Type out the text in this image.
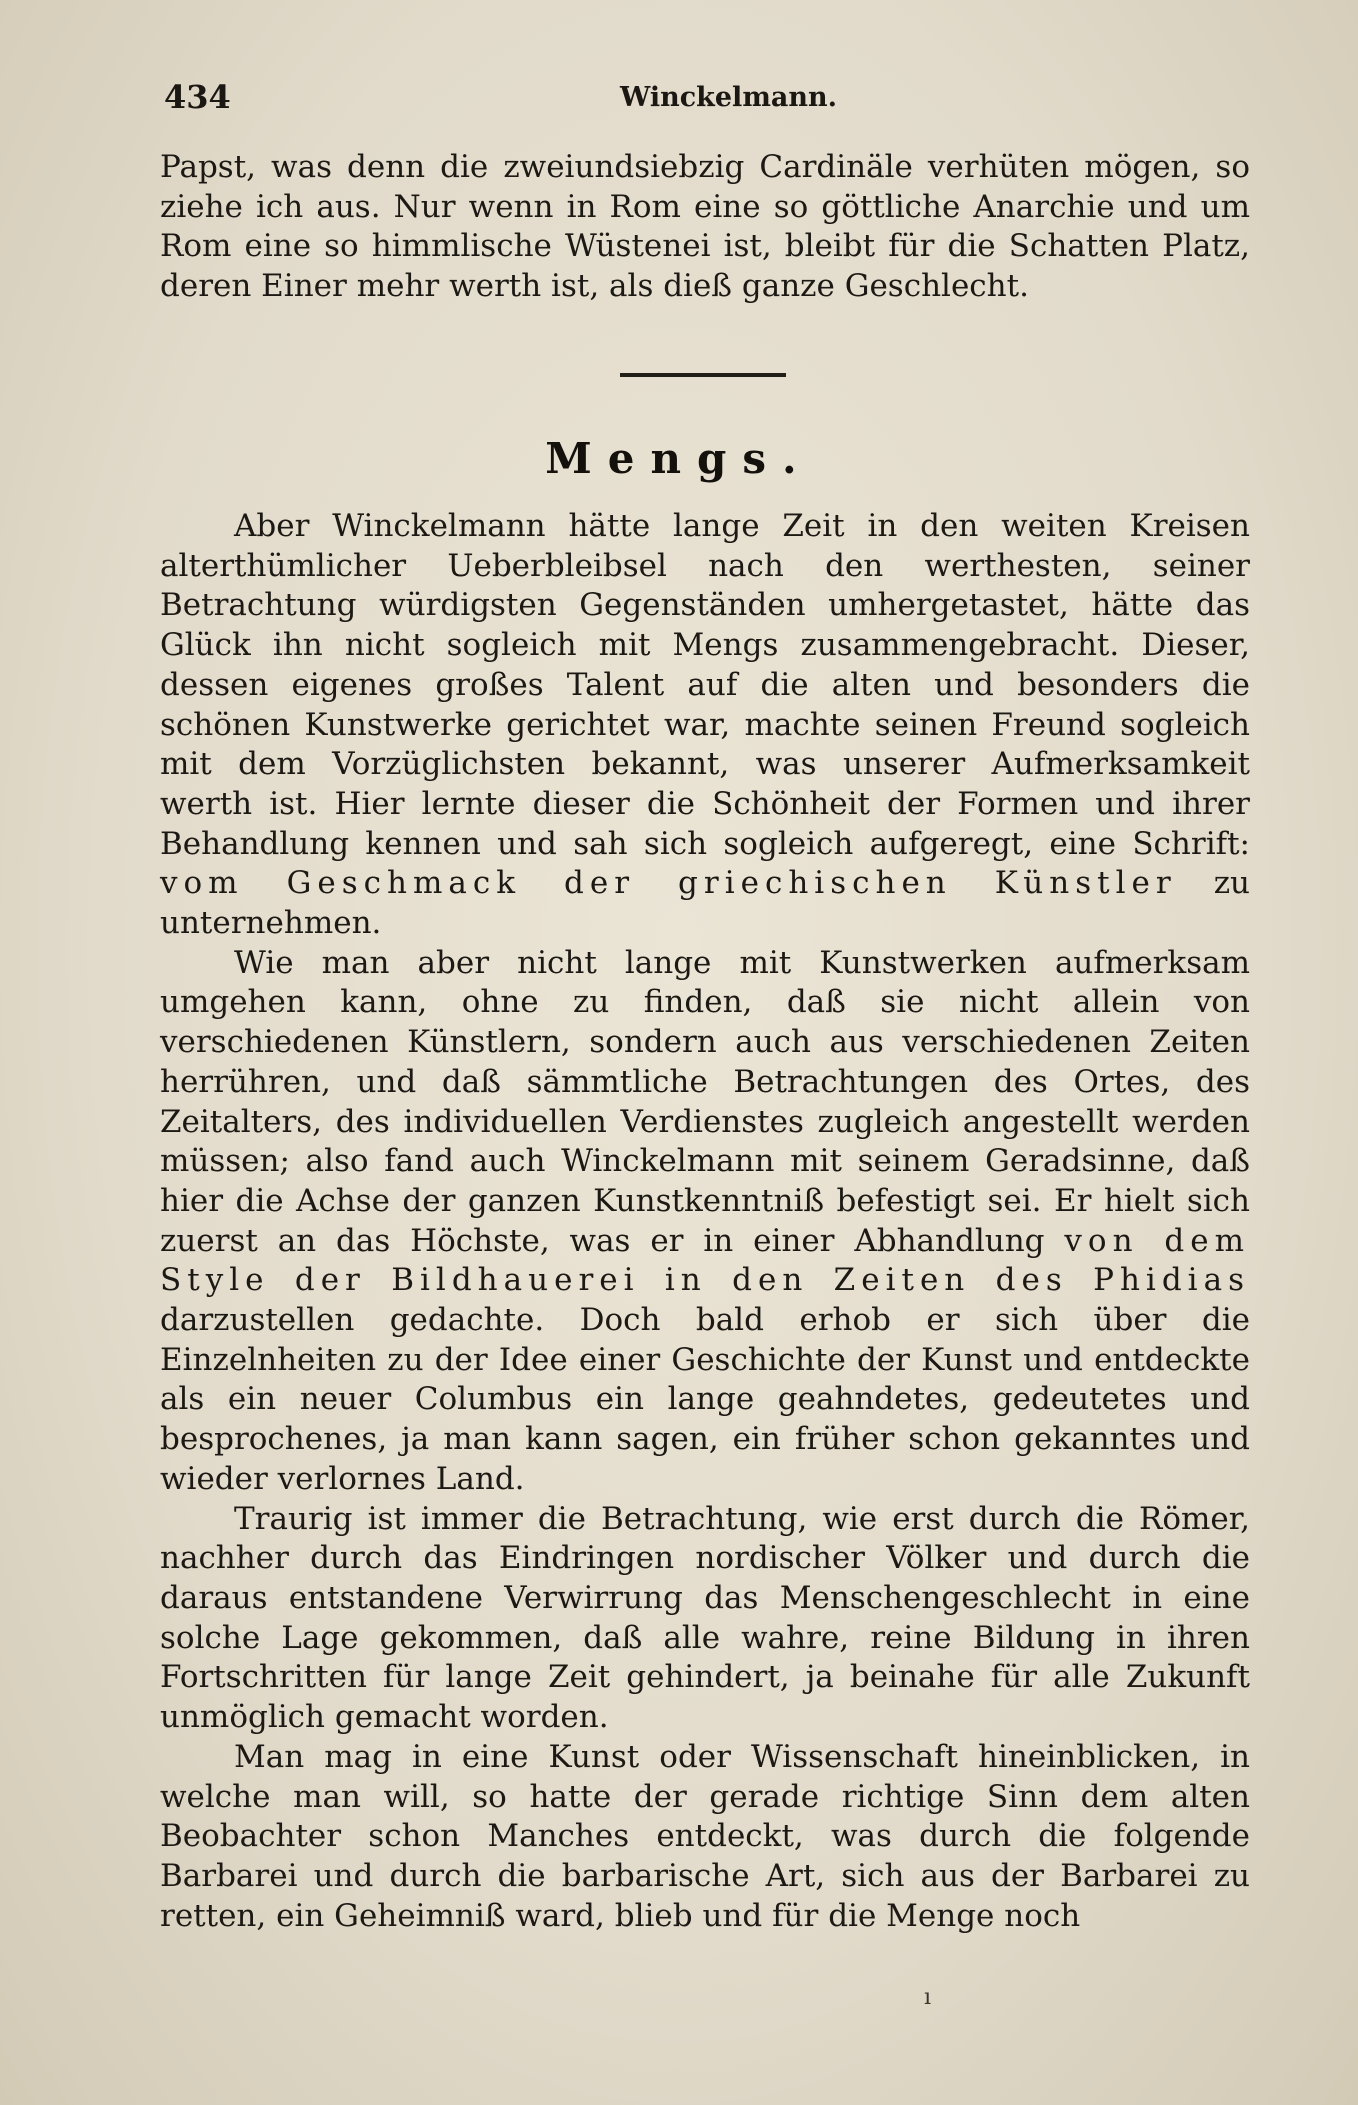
434	Winckelmann.

Papst, was denn die zweiundsiebzig Cardinäle verhüten mögen, so ziehe ich aus. Nur wenn in Rom eine so göttliche Anarchie und um Rom eine so himmlische Wüstenei ist, bleibt für die Schatten Platz, deren Einer mehr werth ist, als dieß ganze Geschlecht.

Mengs.

Aber Winckelmann hätte lange Zeit in den weiten Kreisen alterthümlicher Ueberbleibsel nach den werthesten, seiner Betrachtung würdigsten Gegenständen umhergetastet, hätte das Glück ihn nicht sogleich mit Mengs zusammengebracht. Dieser, dessen eigenes großes Talent auf die alten und besonders die schönen Kunstwerke gerichtet war, machte seinen Freund sogleich mit dem Vorzüglichsten bekannt, was unserer Aufmerksamkeit werth ist. Hier lernte dieser die Schönheit der Formen und ihrer Behandlung kennen und sah sich sogleich aufgeregt, eine Schrift: vom Geschmack der griechischen Künstler zu unternehmen.

Wie man aber nicht lange mit Kunstwerken aufmerksam umgehen kann, ohne zu finden, daß sie nicht allein von verschiedenen Künstlern, sondern auch aus verschiedenen Zeiten herrühren, und daß sämmtliche Betrachtungen des Ortes, des Zeitalters, des individuellen Verdienstes zugleich angestellt werden müssen; also fand auch Winckelmann mit seinem Geradsinne, daß hier die Achse der ganzen Kunstkenntniß befestigt sei. Er hielt sich zuerst an das Höchste, was er in einer Abhandlung von dem Style der Bildhauerei in den Zeiten des Phidias darzustellen gedachte. Doch bald erhob er sich über die Einzelnheiten zu der Idee einer Geschichte der Kunst und entdeckte als ein neuer Columbus ein lange geahndetes, gedeutetes und besprochenes, ja man kann sagen, ein früher schon gekanntes und wieder verlornes Land.

Traurig ist immer die Betrachtung, wie erst durch die Römer, nachher durch das Eindringen nordischer Völker und durch die daraus entstandene Verwirrung das Menschengeschlecht in eine solche Lage gekommen, daß alle wahre, reine Bildung in ihren Fortschritten für lange Zeit gehindert, ja beinahe für alle Zukunft unmöglich gemacht worden.

Man mag in eine Kunst oder Wissenschaft hineinblicken, in welche man will, so hatte der gerade richtige Sinn dem alten Beobachter schon Manches entdeckt, was durch die folgende Barbarei und durch die barbarische Art, sich aus der Barbarei zu retten, ein Geheimniß ward, blieb und für die Menge noch

ı
